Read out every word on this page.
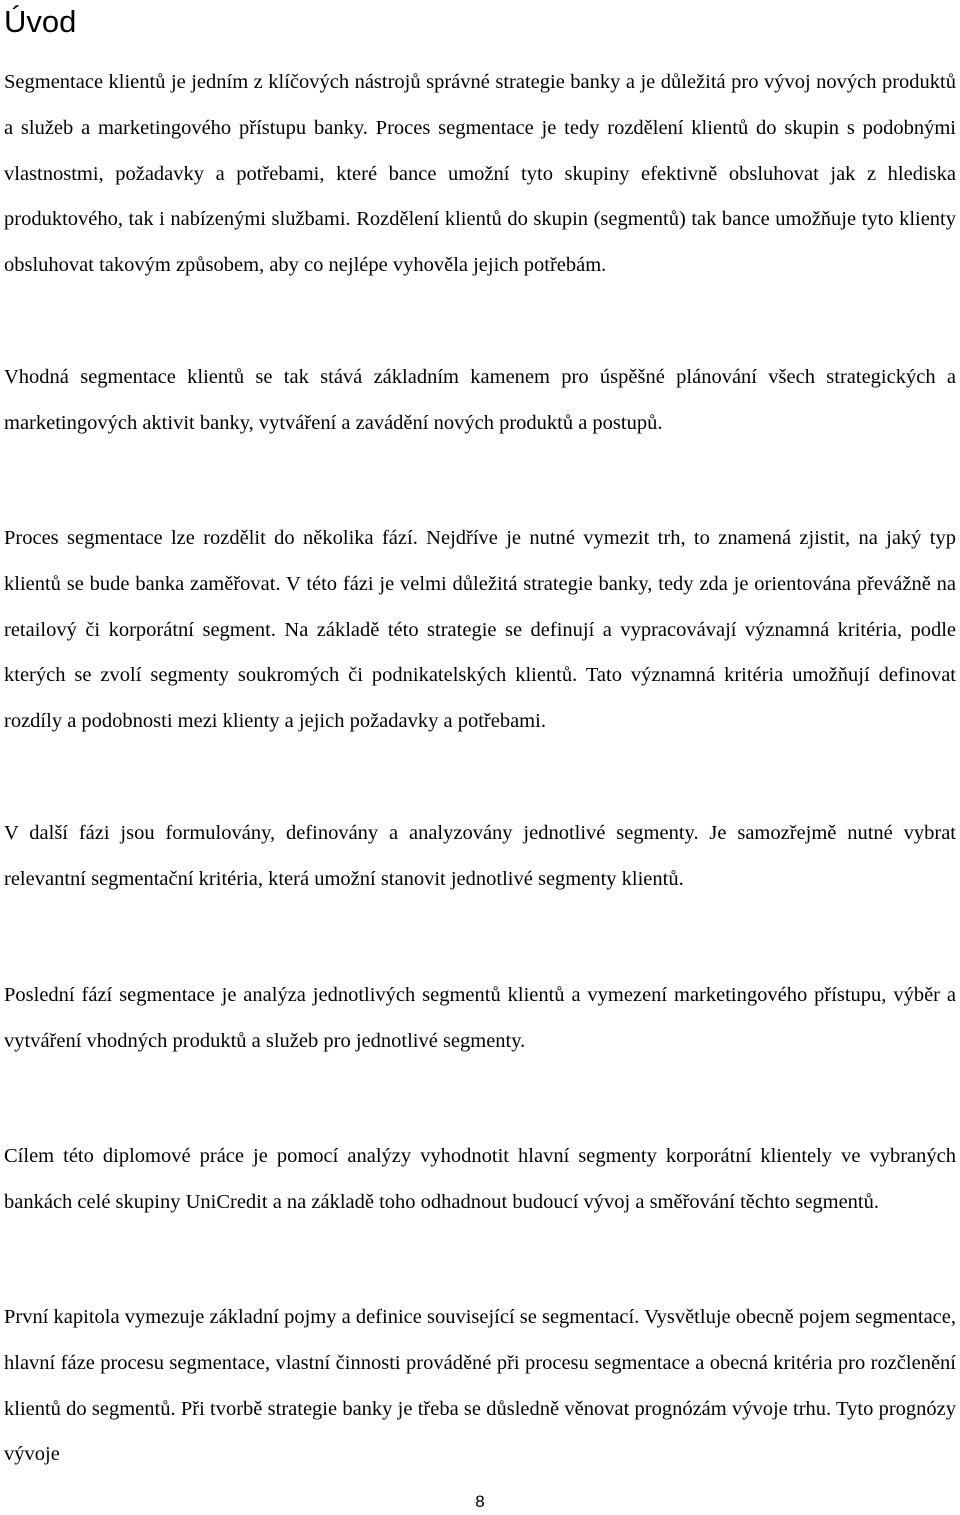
Úvod

Segmentace klientů je jedním z klíčových nástrojů správné strategie banky a je důležitá pro vývoj nových produktů a služeb a marketingového přístupu banky. Proces segmentace je tedy rozdělení klientů do skupin s podobnými vlastnostmi, požadavky a potřebami, které bance umožní tyto skupiny efektivně obsluhovat jak z hlediska produktového, tak i nabízenými službami. Rozdělení klientů do skupin (segmentů) tak bance umožňuje tyto klienty obsluhovat takovým způsobem, aby co nejlépe vyhověla jejich potřebám.

Vhodná segmentace klientů se tak stává základním kamenem pro úspěšné plánování všech strategických a marketingových aktivit banky, vytváření a zavádění nových produktů a postupů.

Proces segmentace lze rozdělit do několika fází. Nejdříve je nutné vymezit trh, to znamená zjistit, na jaký typ klientů se bude banka zaměřovat. V této fázi je velmi důležitá strategie banky, tedy zda je orientována převážně na retailový či korporátní segment. Na základě této strategie se definují a vypracovávají významná kritéria, podle kterých se zvolí segmenty soukromých či podnikatelských klientů. Tato významná kritéria umožňují definovat rozdíly a podobnosti mezi klienty a jejich požadavky a potřebami.

V další fázi jsou formulovány, definovány a analyzovány jednotlivé segmenty. Je samozřejmě nutné vybrat relevantní segmentační kritéria, která umožní stanovit jednotlivé segmenty klientů.

Poslední fází segmentace je analýza jednotlivých segmentů klientů a vymezení marketingového přístupu, výběr a vytváření vhodných produktů a služeb pro jednotlivé segmenty.

Cílem této diplomové práce je pomocí analýzy vyhodnotit hlavní segmenty korporátní klientely ve vybraných bankách celé skupiny UniCredit a na základě toho odhadnout budoucí vývoj a směřování těchto segmentů.

První kapitola vymezuje základní pojmy a definice související se segmentací. Vysvětluje obecně pojem segmentace, hlavní fáze procesu segmentace, vlastní činnosti prováděné při procesu segmentace a obecná kritéria pro rozčlenění klientů do segmentů. Při tvorbě strategie banky je třeba se důsledně věnovat prognózám vývoje trhu. Tyto prognózy vývoje

8
